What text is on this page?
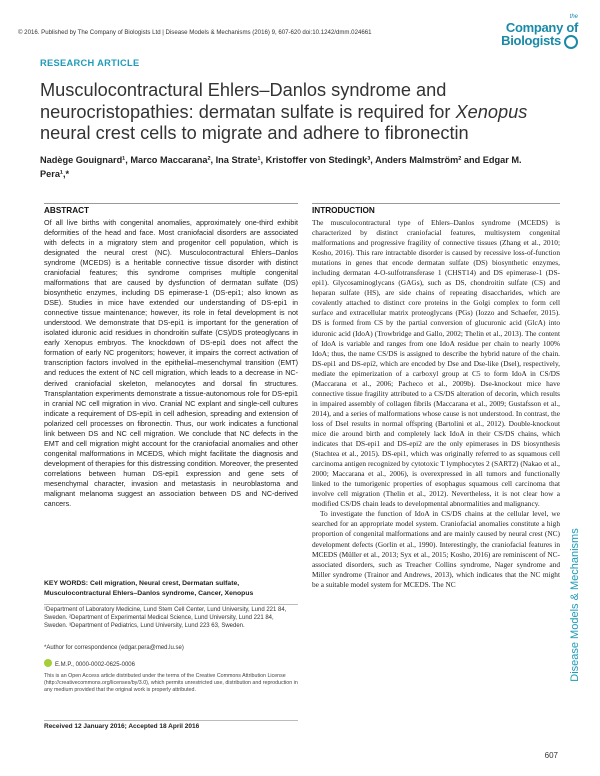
© 2016. Published by The Company of Biologists Ltd | Disease Models & Mechanisms (2016) 9, 607-620 doi:10.1242/dmm.024661
the
Company of
Biologists
RESEARCH ARTICLE
Musculocontractural Ehlers–Danlos syndrome and neurocristopathies: dermatan sulfate is required for Xenopus neural crest cells to migrate and adhere to fibronectin
Nadège Gouignard¹, Marco Maccarana², Ina Strate¹, Kristoffer von Stedingk³, Anders Malmström² and Edgar M. Pera¹,*
ABSTRACT
Of all live births with congenital anomalies, approximately one-third exhibit deformities of the head and face. Most craniofacial disorders are associated with defects in a migratory stem and progenitor cell population, which is designated the neural crest (NC). Musculocontractural Ehlers–Danlos syndrome (MCEDS) is a heritable connective tissue disorder with distinct craniofacial features; this syndrome comprises multiple congenital malformations that are caused by dysfunction of dermatan sulfate (DS) biosynthetic enzymes, including DS epimerase-1 (DS-epi1; also known as DSE). Studies in mice have extended our understanding of DS-epi1 in connective tissue maintenance; however, its role in fetal development is not understood. We demonstrate that DS-epi1 is important for the generation of isolated iduronic acid residues in chondroitin sulfate (CS)/DS proteoglycans in early Xenopus embryos. The knockdown of DS-epi1 does not affect the formation of early NC progenitors; however, it impairs the correct activation of transcription factors involved in the epithelial–mesenchymal transition (EMT) and reduces the extent of NC cell migration, which leads to a decrease in NC-derived craniofacial skeleton, melanocytes and dorsal fin structures. Transplantation experiments demonstrate a tissue-autonomous role for DS-epi1 in cranial NC cell migration in vivo. Cranial NC explant and single-cell cultures indicate a requirement of DS-epi1 in cell adhesion, spreading and extension of polarized cell processes on fibronectin. Thus, our work indicates a functional link between DS and NC cell migration. We conclude that NC defects in the EMT and cell migration might account for the craniofacial anomalies and other congenital malformations in MCEDS, which might facilitate the diagnosis and development of therapies for this distressing condition. Moreover, the presented correlations between human DS-epi1 expression and gene sets of mesenchymal character, invasion and metastasis in neuroblastoma and malignant melanoma suggest an association between DS and NC-derived cancers.
KEY WORDS: Cell migration, Neural crest, Dermatan sulfate, Musculocontractural Ehlers–Danlos syndrome, Cancer, Xenopus
¹Department of Laboratory Medicine, Lund Stem Cell Center, Lund University, Lund 221 84, Sweden. ²Department of Experimental Medical Science, Lund University, Lund 221 84, Sweden. ³Department of Pediatrics, Lund University, Lund 223 63, Sweden.
*Author for correspondence (edgar.pera@med.lu.se)
E.M.P., 0000-0002-0625-0006
This is an Open Access article distributed under the terms of the Creative Commons Attribution License (http://creativecommons.org/licenses/by/3.0), which permits unrestricted use, distribution and reproduction in any medium provided that the original work is properly attributed.
Received 12 January 2016; Accepted 18 April 2016
INTRODUCTION

The musculocontractural type of Ehlers–Danlos syndrome (MCEDS) is characterized by distinct craniofacial features, multisystem congenital malformations and progressive fragility of connective tissues (Zhang et al., 2010; Kosho, 2016). This rare intractable disorder is caused by recessive loss-of-function mutations in genes that encode dermatan sulfate (DS) biosynthetic enzymes, including dermatan 4-O-sulfotransferase 1 (CHST14) and DS epimerase-1 (DS-epi1). Glycosaminoglycans (GAGs), such as DS, chondroitin sulfate (CS) and heparan sulfate (HS), are side chains of repeating disaccharides, which are covalently attached to distinct core proteins in the Golgi complex to form cell surface and extracellular matrix proteoglycans (PGs) (Iozzo and Schaefer, 2015). DS is formed from CS by the partial conversion of glucuronic acid (GlcA) into iduronic acid (IdoA) (Trowbridge and Gallo, 2002; Thelin et al., 2013). The content of IdoA is variable and ranges from one IdoA residue per chain to nearly 100% IdoA; thus, the name CS/DS is assigned to describe the hybrid nature of the chain. DS-epi1 and DS-epi2, which are encoded by Dse and Dse-like (Dsel), respectively, mediate the epimerization of a carboxyl group at C5 to form IdoA in CS/DS (Maccarana et al., 2006; Pacheco et al., 2009b). Dse-knockout mice have connective tissue fragility attributed to a CS/DS alteration of decorin, which results in impaired assembly of collagen fibrils (Maccarana et al., 2009; Gustafsson et al., 2014), and a series of malformations whose cause is not understood. In contrast, the loss of Dsel results in normal offspring (Bartolini et al., 2012). Double-knockout mice die around birth and completely lack IdoA in their CS/DS chains, which indicates that DS-epi1 and DS-epi2 are the only epimerases in DS biosynthesis (Stachtea et al., 2015). DS-epi1, which was originally referred to as squamous cell carcinoma antigen recognized by cytotoxic T lymphocytes 2 (SART2) (Nakao et al., 2000; Maccarana et al., 2006), is overexpressed in all tumors and functionally linked to the tumorigenic properties of esophagus squamous cell carcinoma that involve cell migration (Thelin et al., 2012). Nevertheless, it is not clear how a modified CS/DS chain leads to developmental abnormalities and malignancy.

To investigate the function of IdoA in CS/DS chains at the cellular level, we searched for an appropriate model system. Craniofacial anomalies constitute a high proportion of congenital malformations and are mainly caused by neural crest (NC) development defects (Gorlin et al., 1990). Interestingly, the craniofacial features in MCEDS (Müller et al., 2013; Syx et al., 2015; Kosho, 2016) are reminiscent of NC-associated disorders, such as Treacher Collins syndrome, Nager syndrome and Miller syndrome (Trainor and Andrews, 2013), which indicates that the NC might be a suitable model system for MCEDS. The NC	Disease Models & Mechanisms
607
